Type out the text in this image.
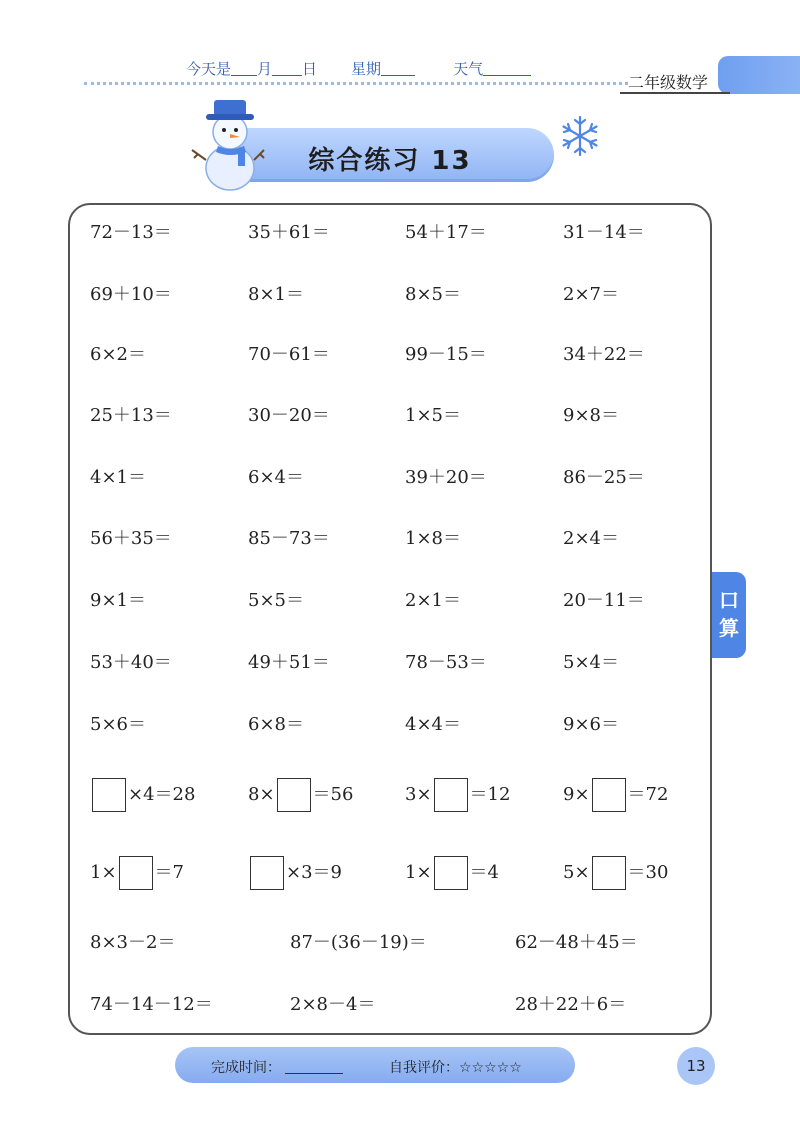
今天是 月 日 星期	天气
二年级数学
综合练习 13
72－13＝	35＋61＝	54＋17＝	31－14＝
69＋10＝	8×1＝	8×5＝	2×7＝
6×2＝	70－61＝	99－15＝	34＋22＝
25＋13＝	30－20＝	1×5＝	9×8＝
4×1＝	6×4＝	39＋20＝	86－25＝
56＋35＝	85－73＝	1×8＝	2×4＝
9×1＝	5×5＝	2×1＝	20－11＝
53＋40＝	49＋51＝	78－53＝	5×4＝
5×6＝	6×8＝	4×4＝	9×6＝
×4＝28	8× ＝56	3× ＝12	9× ＝72
1× ＝7	×3＝9	1× ＝4	5× ＝30
8×3－2＝	87－(36－19)＝	62－48＋45＝
74－14－12＝	2×8－4＝	28＋22＋6＝
口
算
完成时间：	自我评价：☆☆☆☆☆	13
